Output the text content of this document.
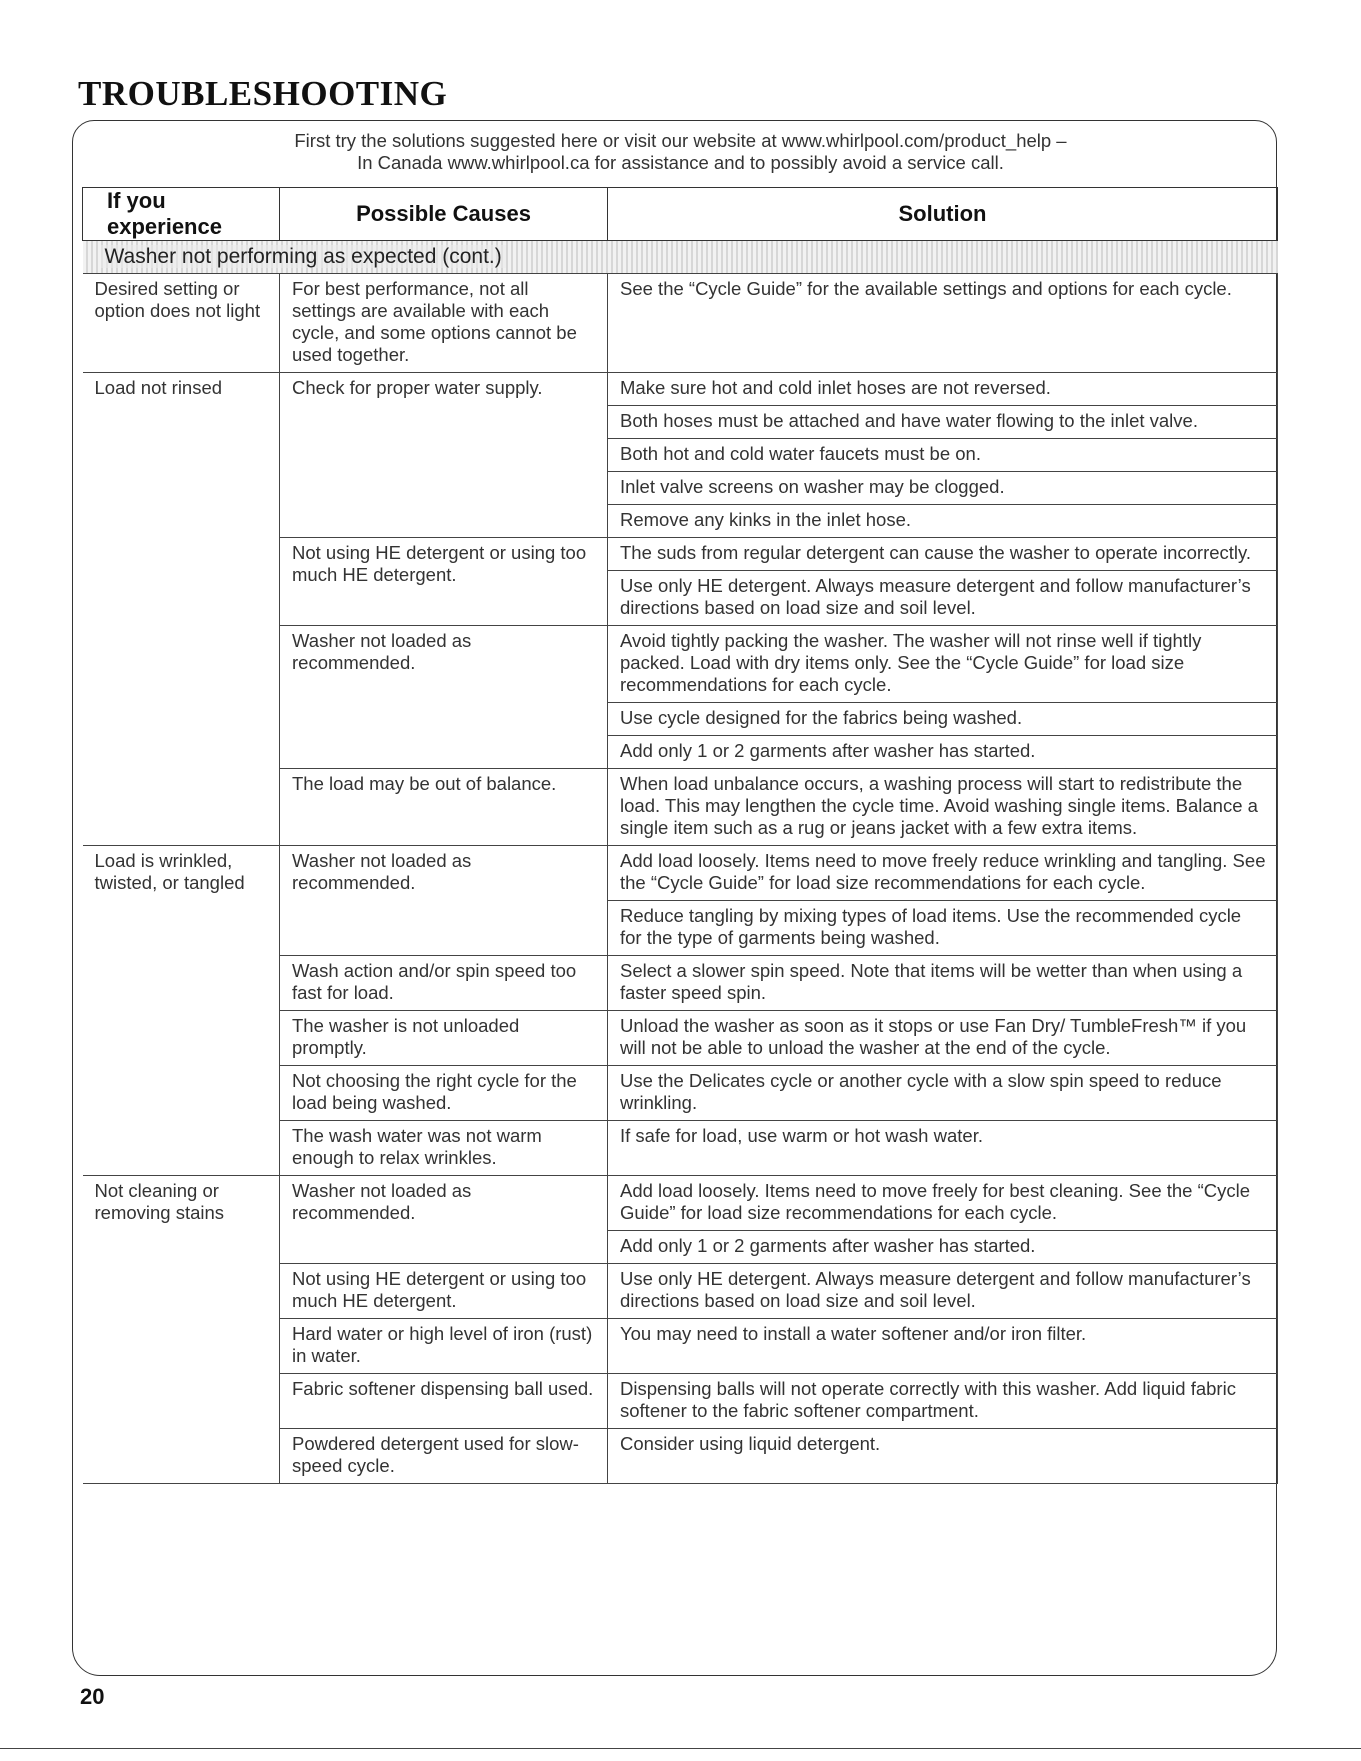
TROUBLESHOOTING
First try the solutions suggested here or visit our website at www.whirlpool.com/product_help –
In Canada www.whirlpool.ca for assistance and to possibly avoid a service call.
If you experience	Possible Causes	Solution
Washer not performing as expected (cont.)		
Desired setting or option does not light	For best performance, not all settings are available with each cycle, and some options cannot be used together.	See the “Cycle Guide” for the available settings and options for each cycle.
Load not rinsed	Check for proper water supply.	Make sure hot and cold inlet hoses are not reversed.
		Both hoses must be attached and have water flowing to the inlet valve.
		Both hot and cold water faucets must be on.
		Inlet valve screens on washer may be clogged.
		Remove any kinks in the inlet hose.
	Not using HE detergent or using too much HE detergent.	The suds from regular detergent can cause the washer to operate incorrectly.
		Use only HE detergent. Always measure detergent and follow manufacturer’s directions based on load size and soil level.
	Washer not loaded as recommended.	Avoid tightly packing the washer. The washer will not rinse well if tightly packed. Load with dry items only. See the “Cycle Guide” for load size recommendations for each cycle.
		Use cycle designed for the fabrics being washed.
		Add only 1 or 2 garments after washer has started.
	The load may be out of balance.	When load unbalance occurs, a washing process will start to redistribute the load. This may lengthen the cycle time. Avoid washing single items. Balance a single item such as a rug or jeans jacket with a few extra items.
Load is wrinkled, twisted, or tangled	Washer not loaded as recommended.	Add load loosely. Items need to move freely reduce wrinkling and tangling. See the “Cycle Guide” for load size recommendations for each cycle.
		Reduce tangling by mixing types of load items. Use the recommended cycle for the type of garments being washed.
	Wash action and/or spin speed too fast for load.	Select a slower spin speed. Note that items will be wetter than when using a faster speed spin.
	The washer is not unloaded promptly.	Unload the washer as soon as it stops or use Fan Dry/ TumbleFresh™ if you will not be able to unload the washer at the end of the cycle.
	Not choosing the right cycle for the load being washed.	Use the Delicates cycle or another cycle with a slow spin speed to reduce wrinkling.
	The wash water was not warm enough to relax wrinkles.	If safe for load, use warm or hot wash water.
Not cleaning or removing stains	Washer not loaded as recommended.	Add load loosely. Items need to move freely for best cleaning. See the “Cycle Guide” for load size recommendations for each cycle.
		Add only 1 or 2 garments after washer has started.
	Not using HE detergent or using too much HE detergent.	Use only HE detergent. Always measure detergent and follow manufacturer’s directions based on load size and soil level.
	Hard water or high level of iron (rust) in water.	You may need to install a water softener and/or iron filter.
	Fabric softener dispensing ball used.	Dispensing balls will not operate correctly with this washer. Add liquid fabric softener to the fabric softener compartment.
	Powdered detergent used for slow-speed cycle.	Consider using liquid detergent.
20
